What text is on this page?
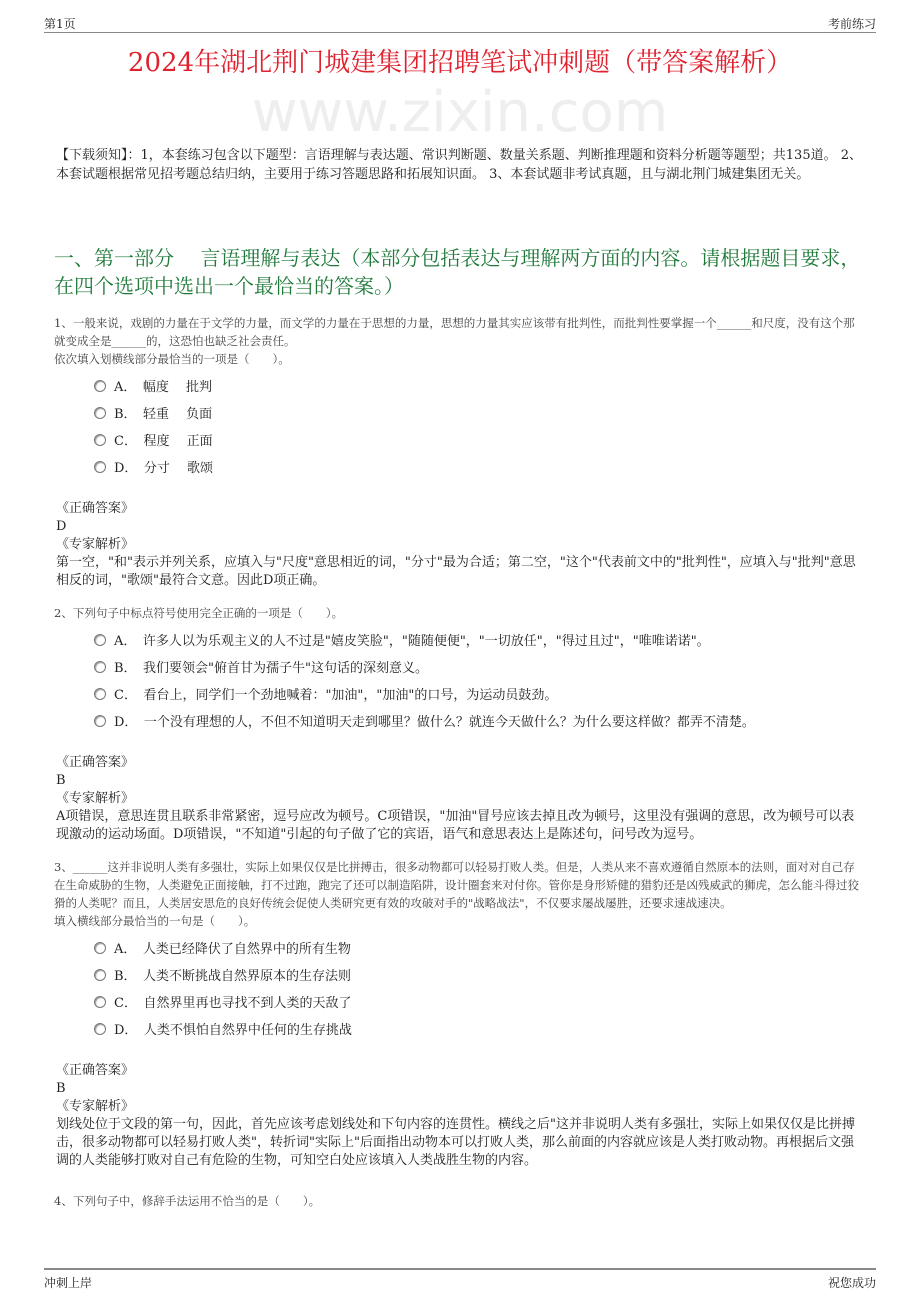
第1页	考前练习
2024年湖北荆门城建集团招聘笔试冲刺题（带答案解析）
www.zixin.com
【下载须知】：1，本套练习包含以下题型：言语理解与表达题、常识判断题、数量关系题、判断推理题和资料分析题等题型；共135道。 2、本套试题根据常见招考题总结归纳，主要用于练习答题思路和拓展知识面。 3、本套试题非考试真题，且与湖北荆门城建集团无关。
一、第一部分　 言语理解与表达（本部分包括表达与理解两方面的内容。请根据题目要求，在四个选项中选出一个最恰当的答案。）
1、一般来说，戏剧的力量在于文学的力量，而文学的力量在于思想的力量，思想的力量其实应该带有批判性，而批判性要掌握一个______和尺度，没有这个那就变成全是______的，这恐怕也缺乏社会责任。
依次填入划横线部分最恰当的一项是（　　）。
A．　幅度　 批判
B．　轻重　 负面
C．　程度　 正面
D．　分寸　 歌颂
《正确答案》
D
《专家解析》
第一空，"和"表示并列关系，应填入与"尺度"意思相近的词，"分寸"最为合适；第二空，"这个"代表前文中的"批判性"，应填入与"批判"意思相反的词，"歌颂"最符合文意。因此D项正确。
2、下列句子中标点符号使用完全正确的一项是（　　）。
A．　许多人以为乐观主义的人不过是"嬉皮笑脸"，"随随便便"，"一切放任"，"得过且过"，"唯唯诺诺"。
B．　我们要领会"俯首甘为孺子牛"这句话的深刻意义。
C．　看台上，同学们一个劲地喊着："加油"，"加油"的口号，为运动员鼓劲。
D．　一个没有理想的人，不但不知道明天走到哪里？做什么？就连今天做什么？为什么要这样做？都弄不清楚。
《正确答案》
B
《专家解析》
A项错误，意思连贯且联系非常紧密，逗号应改为顿号。C项错误，"加油"冒号应该去掉且改为顿号，这里没有强调的意思，改为顿号可以表现激动的运动场面。D项错误，"不知道"引起的句子做了它的宾语，语气和意思表达上是陈述句，问号改为逗号。
3、______这并非说明人类有多强壮，实际上如果仅仅是比拼搏击，很多动物都可以轻易打败人类。但是，人类从来不喜欢遵循自然原本的法则，面对对自己存在生命威胁的生物，人类避免正面接触，打不过跑，跑完了还可以制造陷阱，设计圈套来对付你。管你是身形矫健的猎豹还是凶残威武的狮虎，怎么能斗得过狡猾的人类呢？而且，人类居安思危的良好传统会促使人类研究更有效的攻破对手的"战略战法"，不仅要求屡战屡胜，还要求速战速决。
填入横线部分最恰当的一句是（　　）。
A．　人类已经降伏了自然界中的所有生物
B．　人类不断挑战自然界原本的生存法则
C．　自然界里再也寻找不到人类的天敌了
D．　人类不惧怕自然界中任何的生存挑战
《正确答案》
B
《专家解析》
划线处位于文段的第一句，因此，首先应该考虑划线处和下句内容的连贯性。横线之后"这并非说明人类有多强壮，实际上如果仅仅是比拼搏击，很多动物都可以轻易打败人类"，转折词"实际上"后面指出动物本可以打败人类，那么前面的内容就应该是人类打败动物。再根据后文强调的人类能够打败对自己有危险的生物，可知空白处应该填入人类战胜生物的内容。
4、下列句子中，修辞手法运用不恰当的是（　　）。
冲刺上岸	祝您成功
